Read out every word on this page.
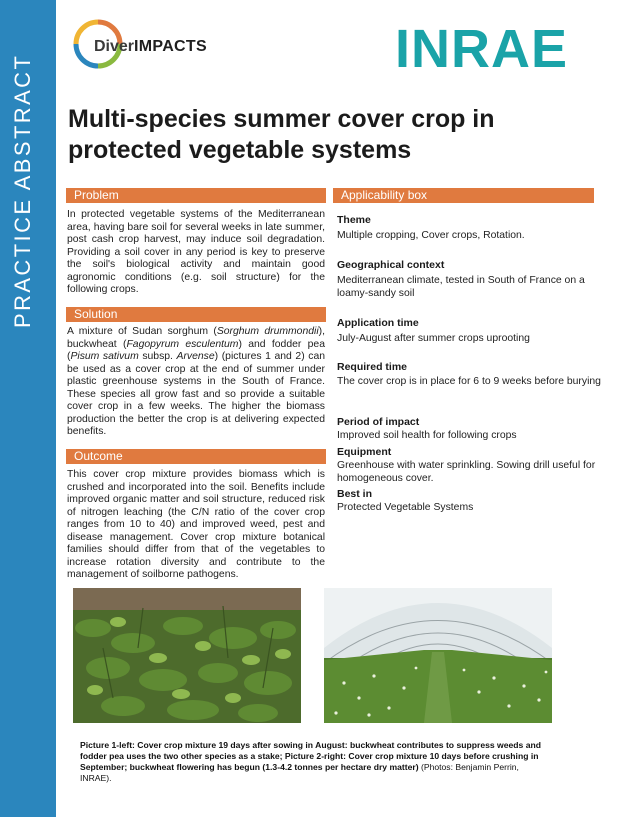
PRACTICE ABSTRACT
DiverIMPACTS	INRAE
Multi-species summer cover crop in protected vegetable systems
Problem
In protected vegetable systems of the Mediterranean area, having bare soil for several weeks in late summer, post cash crop harvest, may induce soil degradation. Providing a soil cover in any period is key to preserve the soil's biological activity and maintain good agronomic conditions (e.g. soil structure) for the following crops.
Solution
A mixture of Sudan sorghum (Sorghum drummondii), buckwheat (Fagopyrum esculentum) and fodder pea (Pisum sativum subsp. Arvense) (pictures 1 and 2) can be used as a cover crop at the end of summer under plastic greenhouse systems in the South of France. These species all grow fast and so provide a suitable cover crop in a few weeks. The higher the biomass production the better the crop is at delivering expected benefits.
Outcome
This cover crop mixture provides biomass which is crushed and incorporated into the soil. Benefits include improved organic matter and soil structure, reduced risk of nitrogen leaching (the C/N ratio of the cover crop ranges from 10 to 40) and improved weed, pest and disease management. Cover crop mixture botanical families should differ from that of the vegetables to increase rotation diversity and contribute to the management of soilborne pathogens.
Applicability box
Theme
Multiple cropping, Cover crops, Rotation.
Geographical context
Mediterranean climate, tested in South of France on a loamy-sandy soil
Application time
July-August after summer crops uprooting
Required time
The cover crop is in place for 6 to 9 weeks before burying
Period of impact
Improved soil health for following crops
Equipment
Greenhouse with water sprinkling. Sowing drill useful for homogeneous cover.
Best in
Protected Vegetable Systems
Picture 1-left: Cover crop mixture 19 days after sowing in August: buckwheat contributes to suppress weeds and fodder pea uses the two other species as a stake; Picture 2-right: Cover crop mixture 10 days before crushing in September; buckwheat flowering has begun (1.3-4.2 tonnes per hectare dry matter) (Photos: Benjamin Perrin, INRAE).
